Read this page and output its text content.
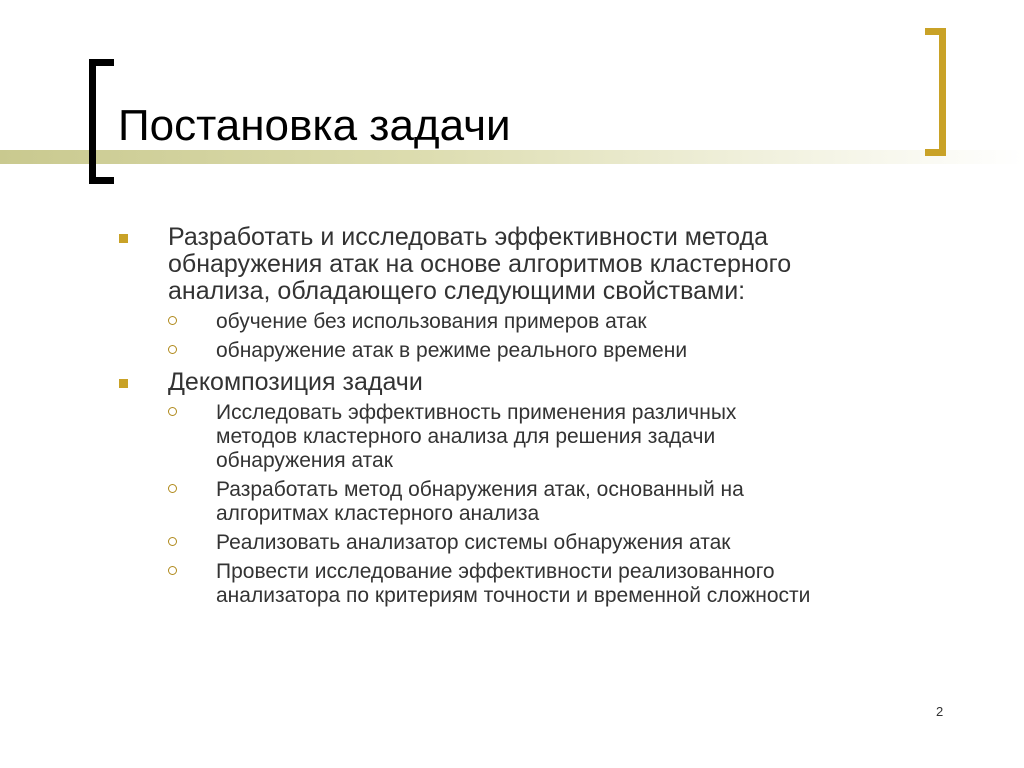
Постановка задачи
Разработать и исследовать эффективности метода
обнаружения атак на основе алгоритмов кластерного
анализа, обладающего следующими свойствами:
обучение без использования примеров атак
обнаружение атак в режиме реального времени
Декомпозиция задачи
Исследовать эффективность применения различных
методов кластерного анализа для решения задачи
обнаружения атак
Разработать метод обнаружения атак, основанный на
алгоритмах кластерного анализа
Реализовать анализатор системы обнаружения атак
Провести исследование эффективности реализованного
анализатора по критериям точности и временной сложности
2
